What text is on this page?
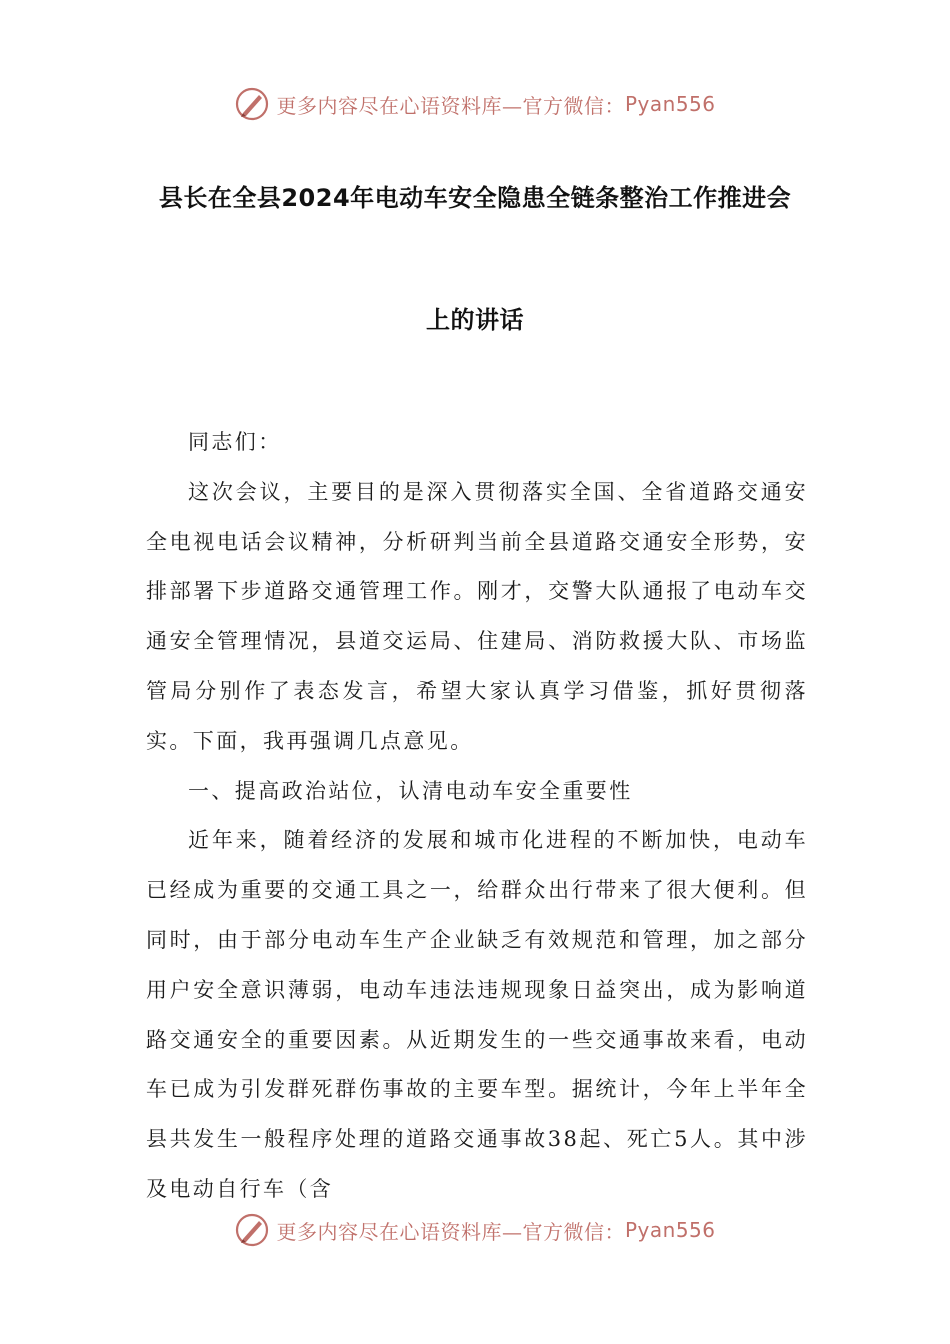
更多内容尽在心语资料库—官方微信： Pyan556
县长在全县2024年电动车安全隐患全链条整治工作推进会
上的讲话

同志们：

这次会议，主要目的是深入贯彻落实全国、全省道路交通安全电视电话会议精神，分析研判当前全县道路交通安全形势，安排部署下步道路交通管理工作。刚才，交警大队通报了电动车交通安全管理情况，县道交运局、住建局、消防救援大队、市场监管局分别作了表态发言，希望大家认真学习借鉴，抓好贯彻落实。下面，我再强调几点意见。

一、提高政治站位，认清电动车安全重要性

近年来，随着经济的发展和城市化进程的不断加快，电动车已经成为重要的交通工具之一，给群众出行带来了很大便利。但同时，由于部分电动车生产企业缺乏有效规范和管理，加之部分用户安全意识薄弱，电动车违法违规现象日益突出，成为影响道路交通安全的重要因素。从近期发生的一些交通事故来看，电动车已成为引发群死群伤事故的主要车型。据统计，今年上半年全县共发生一般程序处理的道路交通事故38起、死亡5人。其中涉及电动自行车（含

更多内容尽在心语资料库—官方微信： Pyan556
